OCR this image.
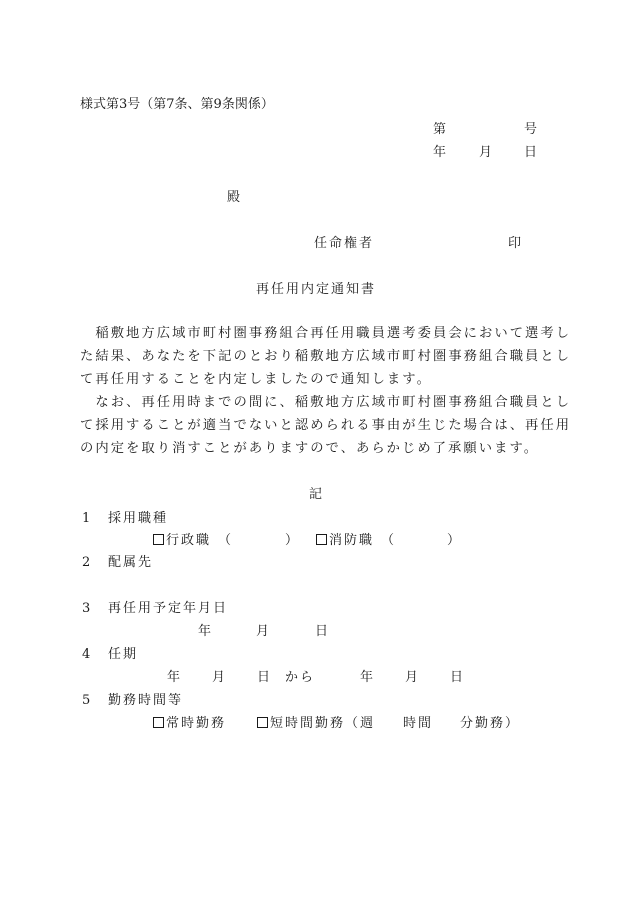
様式第3号（第7条、第9条関係）
第	号
年	月 日
殿
任命権者	印
再任用内定通知書
　稲敷地方広域市町村圏事務組合再任用職員選考委員会において選考し
た結果、あなたを下記のとおり稲敷地方広域市町村圏事務組合職員とし
て再任用することを内定しましたので通知します。
　なお、再任用時までの間に、稲敷地方広域市町村圏事務組合職員とし
て採用することが適当でないと認められる事由が生じた場合は、再任用
の内定を取り消すことがありますので、あらかじめ了承願います。
記
1 採用職種
行政職 （	）	消防職 （	）
2 配属先
3 再任用予定年月日
年	月	日
4 任期
年 月 日 から	年 月 日
5 勤務時間等
常時勤務	短時間勤務（週 時間 分勤務）
